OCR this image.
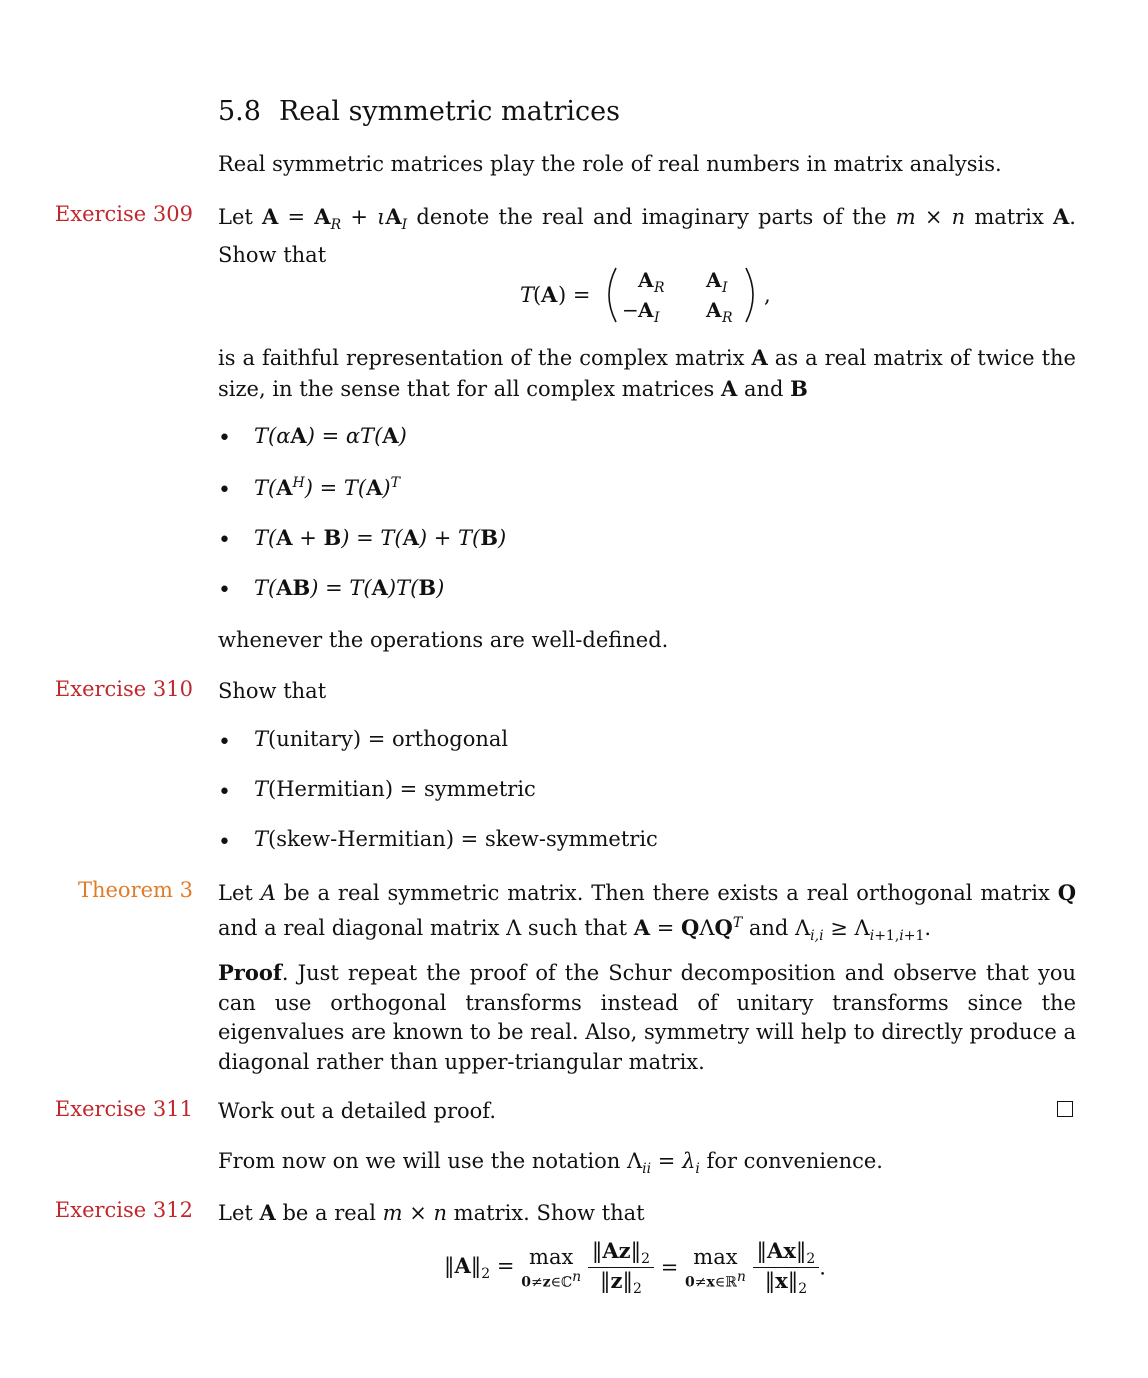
5.8 Real symmetric matrices
Real symmetric matrices play the role of real numbers in matrix analysis.
Exercise 309 Let $A = A_R + \iota A_I$ denote the real and imaginary parts of the m × n matrix A. Show that
T
( A ) =
A R A I
− A I A R
,
is a faithful representation of the complex matrix A as a real matrix of twice the size, in the sense that for all complex matrices A and B
• T(αA) = αT(A)
• $T(A^H) = T(A)^T$
• T(A + B) = T(A) + T(B)
• T(AB) = T(A)T(B)
whenever the operations are well-defined.
Exercise 310 Show that
• T(unitary) = orthogonal
• T(Hermitian) = symmetric
• T(skew-Hermitian) = skew-symmetric
Theorem 3 Let A be a real symmetric matrix. Then there exists a real orthogonal matrix Q and a real diagonal matrix Λ such that $A = Q\Lambda Q^T$ and $\Lambda_{i,i} \ge \Lambda_{i+1,i+1}$.
Proof. Just repeat the proof of the Schur decomposition and observe that you can use orthogonal transforms instead of unitary transforms since the eigenvalues are known to be real. Also, symmetry will help to directly produce a diagonal rather than upper-triangular matrix.
Exercise 311 Work out a detailed proof.
From now on we will use the notation $\Lambda_{ii} = \lambda_i$ for convenience.
Exercise 312 Let A be a real m × n matrix. Show that
$‖A‖_2 = \max$
0≠z∈ℂ$^n$
$\frac{‖Az‖_2}{‖z‖_2} = \max$
0≠x∈ℝ$^n$
$\frac{‖Ax‖_2}{‖x‖_2}$ .
